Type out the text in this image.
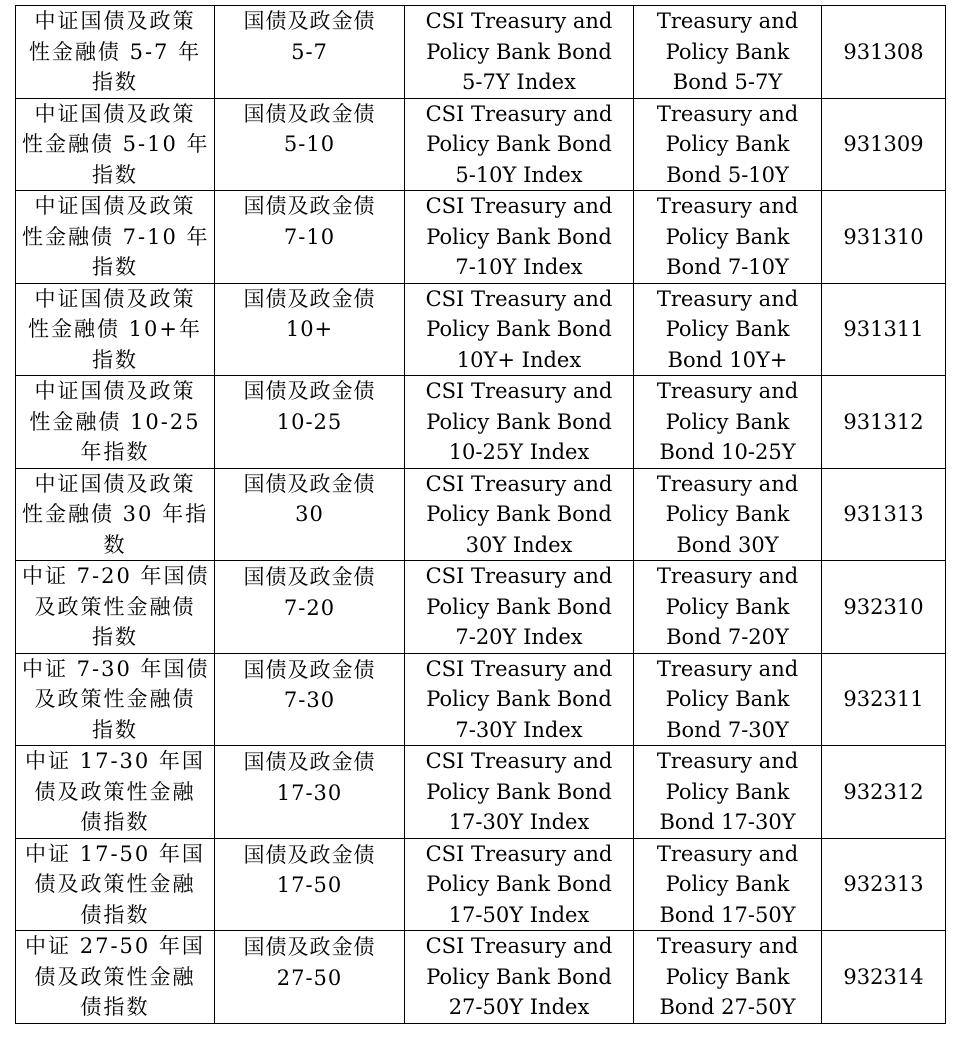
中证国债及政策
性金融债 5-7 年
指数	国债及政金债
5-7	CSI Treasury and
Policy Bank Bond
5-7Y Index	Treasury and
Policy Bank
Bond 5-7Y	931308

中证国债及政策
性金融债 5-10 年
指数	国债及政金债
5-10	CSI Treasury and
Policy Bank Bond
5-10Y Index	Treasury and
Policy Bank
Bond 5-10Y	931309

中证国债及政策
性金融债 7-10 年
指数	国债及政金债
7-10	CSI Treasury and
Policy Bank Bond
7-10Y Index	Treasury and
Policy Bank
Bond 7-10Y	931310

中证国债及政策
性金融债 10+年
指数	国债及政金债
10+	CSI Treasury and
Policy Bank Bond
10Y+ Index	Treasury and
Policy Bank
Bond 10Y+	931311

中证国债及政策
性金融债 10-25
年指数	国债及政金债
10-25	CSI Treasury and
Policy Bank Bond
10-25Y Index	Treasury and
Policy Bank
Bond 10-25Y	931312

中证国债及政策
性金融债 30 年指
数	国债及政金债
30	CSI Treasury and
Policy Bank Bond
30Y Index	Treasury and
Policy Bank
Bond 30Y	931313

中证 7-20 年国债
及政策性金融债
指数	国债及政金债
7-20	CSI Treasury and
Policy Bank Bond
7-20Y Index	Treasury and
Policy Bank
Bond 7-20Y	932310

中证 7-30 年国债
及政策性金融债
指数	国债及政金债
7-30	CSI Treasury and
Policy Bank Bond
7-30Y Index	Treasury and
Policy Bank
Bond 7-30Y	932311

中证 17-30 年国
债及政策性金融
债指数	国债及政金债
17-30	CSI Treasury and
Policy Bank Bond
17-30Y Index	Treasury and
Policy Bank
Bond 17-30Y	932312

中证 17-50 年国
债及政策性金融
债指数	国债及政金债
17-50	CSI Treasury and
Policy Bank Bond
17-50Y Index	Treasury and
Policy Bank
Bond 17-50Y	932313

中证 27-50 年国
债及政策性金融
债指数	国债及政金债
27-50	CSI Treasury and
Policy Bank Bond
27-50Y Index	Treasury and
Policy Bank
Bond 27-50Y	932314
